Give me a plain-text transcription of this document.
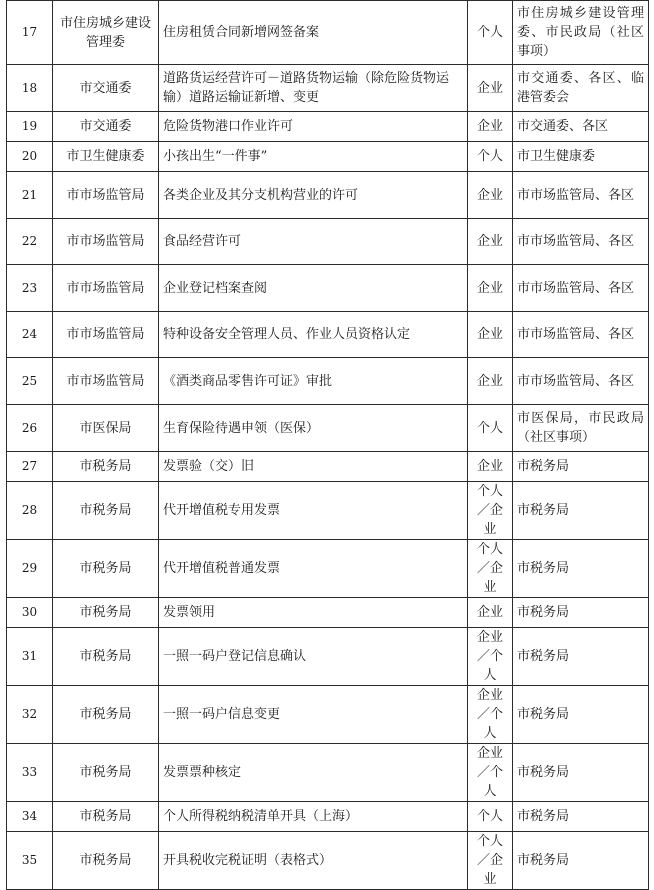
17	市住房城乡建设管理委	住房租赁合同新增网签备案	个人	市住房城乡建设管理委、市民政局（社区事项）
18	市交通委	道路货运经营许可－道路货物运输（除危险货物运输）道路运输证新增、变更	企业	市交通委、各区、临港管委会
19	市交通委	危险货物港口作业许可	企业	市交通委、各区
20	市卫生健康委	小孩出生“一件事”	个人	市卫生健康委
21	市市场监管局	各类企业及其分支机构营业的许可	企业	市市场监管局、各区
22	市市场监管局	食品经营许可	企业	市市场监管局、各区
23	市市场监管局	企业登记档案查阅	企业	市市场监管局、各区
24	市市场监管局	特种设备安全管理人员、作业人员资格认定	企业	市市场监管局、各区
25	市市场监管局	《酒类商品零售许可证》审批	企业	市市场监管局、各区
26	市医保局	生育保险待遇申领（医保）	个人	市医保局，市民政局（社区事项）
27	市税务局	发票验（交）旧	企业	市税务局
28	市税务局	代开增值税专用发票	个人／企业	市税务局
29	市税务局	代开增值税普通发票	个人／企业	市税务局
30	市税务局	发票领用	企业	市税务局
31	市税务局	一照一码户登记信息确认	企业／个人	市税务局
32	市税务局	一照一码户信息变更	企业／个人	市税务局
33	市税务局	发票票种核定	企业／个人	市税务局
34	市税务局	个人所得税纳税清单开具（上海）	个人	市税务局
35	市税务局	开具税收完税证明（表格式）	个人／企业	市税务局
